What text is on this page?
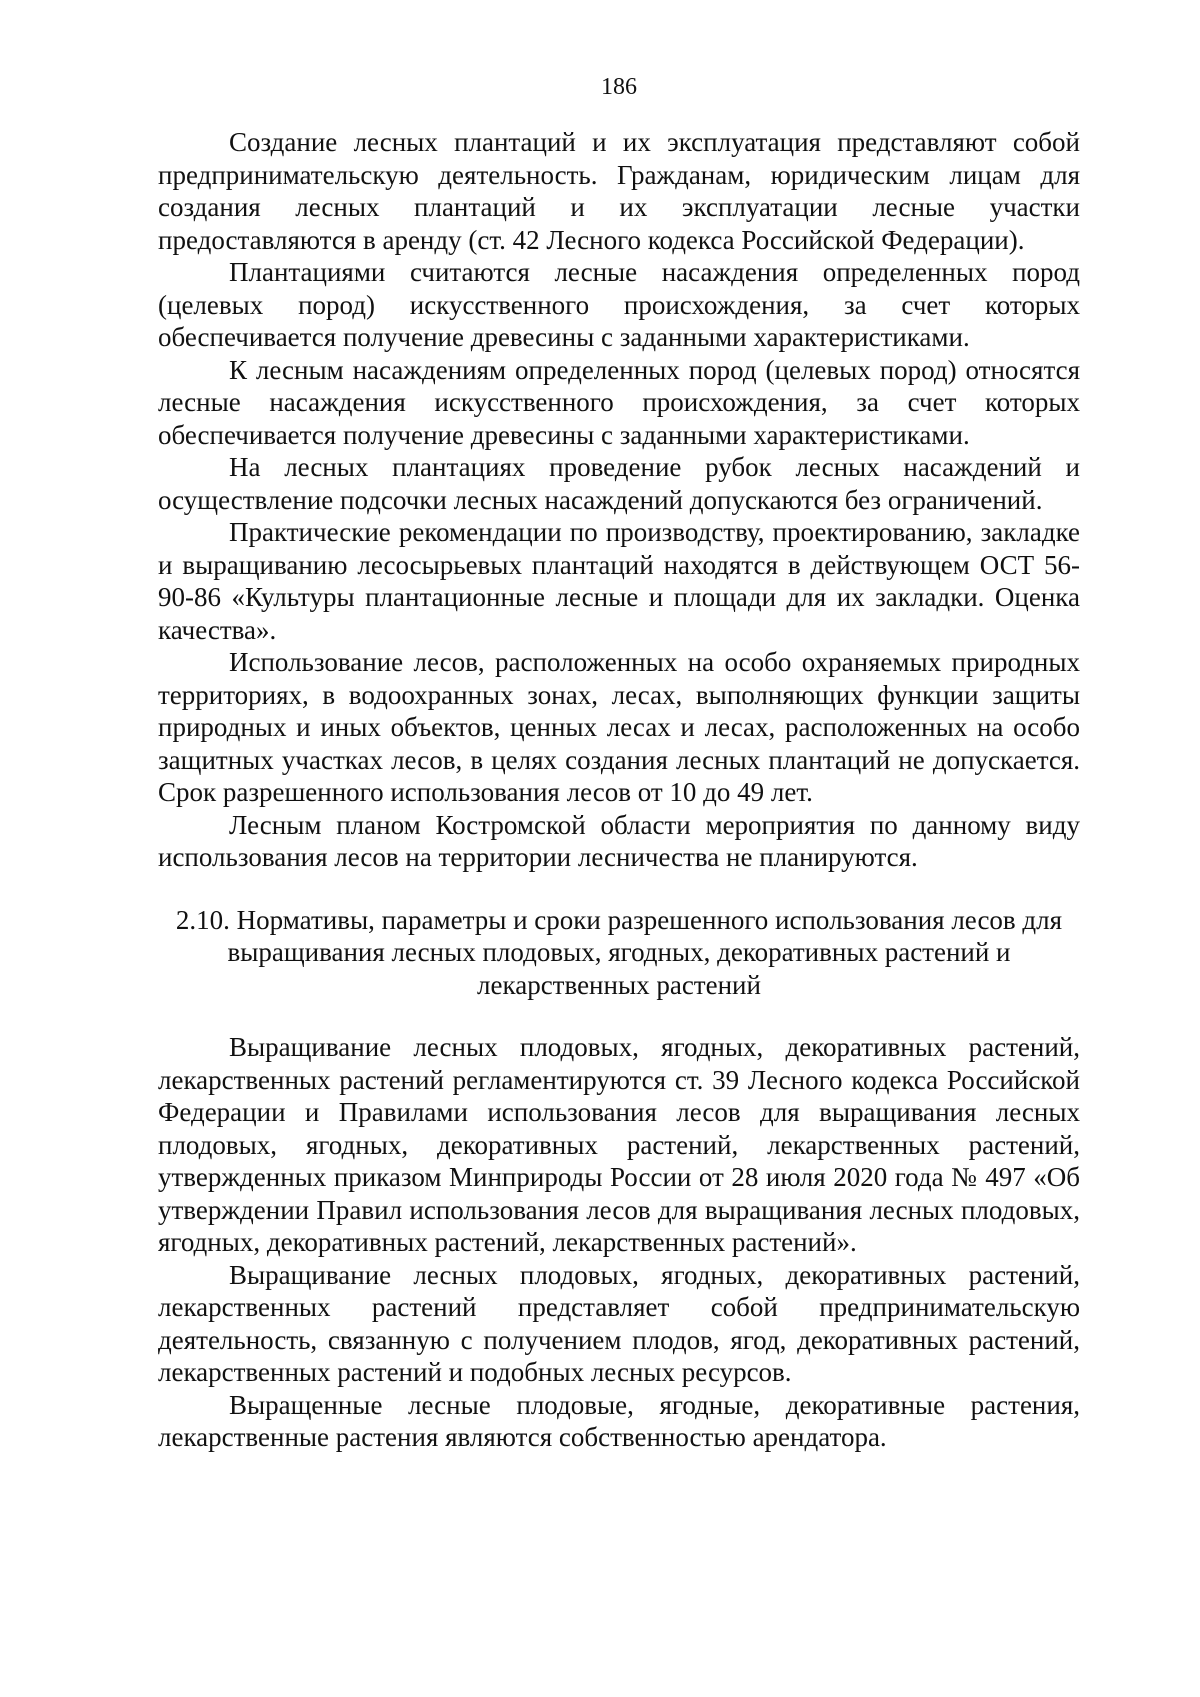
186

Создание лесных плантаций и их эксплуатация представляют собой предпринимательскую деятельность. Гражданам, юридическим лицам для создания лесных плантаций и их эксплуатации лесные участки предоставляются в аренду (ст. 42 Лесного кодекса Российской Федерации).

Плантациями считаются лесные насаждения определенных пород (целевых пород) искусственного происхождения, за счет которых обеспечивается получение древесины с заданными характеристиками.

К лесным насаждениям определенных пород (целевых пород) относятся лесные насаждения искусственного происхождения, за счет которых обеспечивается получение древесины с заданными характеристиками.

На лесных плантациях проведение рубок лесных насаждений и осуществление подсочки лесных насаждений допускаются без ограничений.

Практические рекомендации по производству, проектированию, закладке и выращиванию лесосырьевых плантаций находятся в действующем ОСТ 56-90-86 «Культуры плантационные лесные и площади для их закладки. Оценка качества».

Использование лесов, расположенных на особо охраняемых природных территориях, в водоохранных зонах, лесах, выполняющих функции защиты природных и иных объектов, ценных лесах и лесах, расположенных на особо защитных участках лесов, в целях создания лесных плантаций не допускается. Срок разрешенного использования лесов от 10 до 49 лет.

Лесным планом Костромской области мероприятия по данному виду использования лесов на территории лесничества не планируются.

2.10. Нормативы, параметры и сроки разрешенного использования лесов для выращивания лесных плодовых, ягодных, декоративных растений и лекарственных растений

Выращивание лесных плодовых, ягодных, декоративных растений, лекарственных растений регламентируются ст. 39 Лесного кодекса Российской Федерации и Правилами использования лесов для выращивания лесных плодовых, ягодных, декоративных растений, лекарственных растений, утвержденных приказом Минприроды России от 28 июля 2020 года № 497 «Об утверждении Правил использования лесов для выращивания лесных плодовых, ягодных, декоративных растений, лекарственных растений».

Выращивание лесных плодовых, ягодных, декоративных растений, лекарственных растений представляет собой предпринимательскую деятельность, связанную с получением плодов, ягод, декоративных растений, лекарственных растений и подобных лесных ресурсов.

Выращенные лесные плодовые, ягодные, декоративные растения, лекарственные растения являются собственностью арендатора.
